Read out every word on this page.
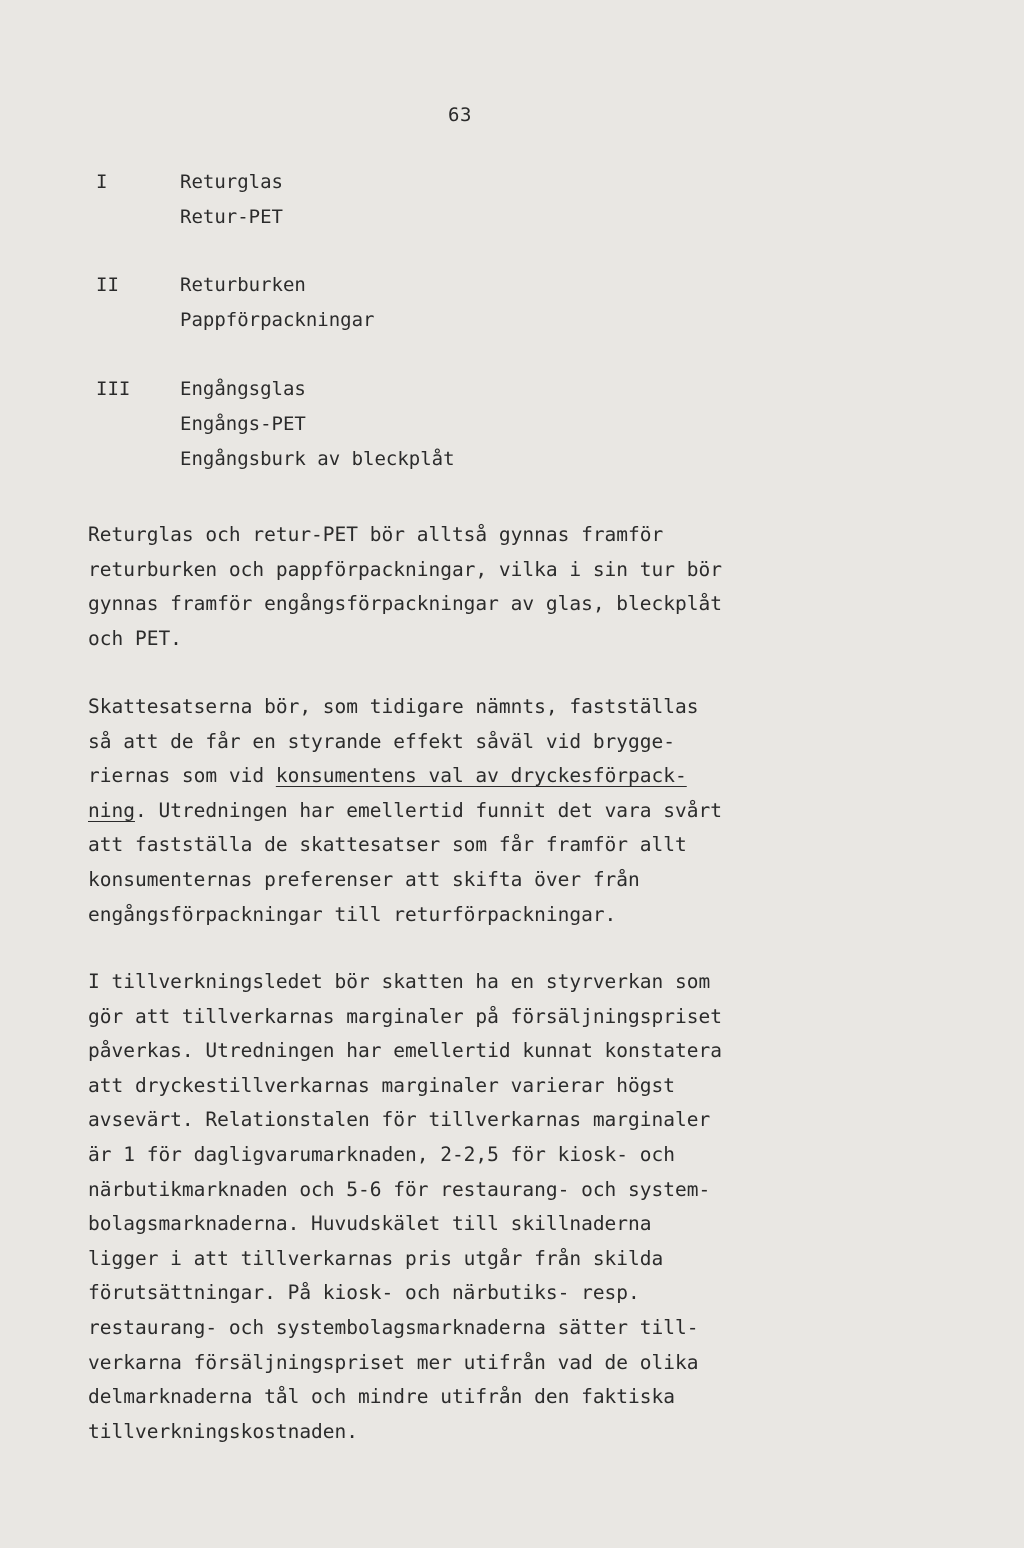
63
I	Returglas
Retur-PET
II	Returburken
Pappförpackningar
III	Engångsglas
Engångs-PET
Engångsburk av bleckplåt
Returglas och retur-PET bör alltså gynnas framför
returburken och pappförpackningar, vilka i sin tur bör
gynnas framför engångsförpackningar av glas, bleckplåt
och PET.
Skattesatserna bör, som tidigare nämnts, fastställas
så att de får en styrande effekt såväl vid brygge-
riernas som vid konsumentens val av dryckesförpack-
ning. Utredningen har emellertid funnit det vara svårt
att fastställa de skattesatser som får framför allt
konsumenternas preferenser att skifta över från
engångsförpackningar till returförpackningar.
I tillverkningsledet bör skatten ha en styrverkan som
gör att tillverkarnas marginaler på försäljningspriset
påverkas. Utredningen har emellertid kunnat konstatera
att dryckestillverkarnas marginaler varierar högst
avsevärt. Relationstalen för tillverkarnas marginaler
är 1 för dagligvarumarknaden, 2-2,5 för kiosk- och
närbutikmarknaden och 5-6 för restaurang- och system-
bolagsmarknaderna. Huvudskälet till skillnaderna
ligger i att tillverkarnas pris utgår från skilda
förutsättningar. På kiosk- och närbutiks- resp.
restaurang- och systembolagsmarknaderna sätter till-
verkarna försäljningspriset mer utifrån vad de olika
delmarknaderna tål och mindre utifrån den faktiska
tillverkningskostnaden.
